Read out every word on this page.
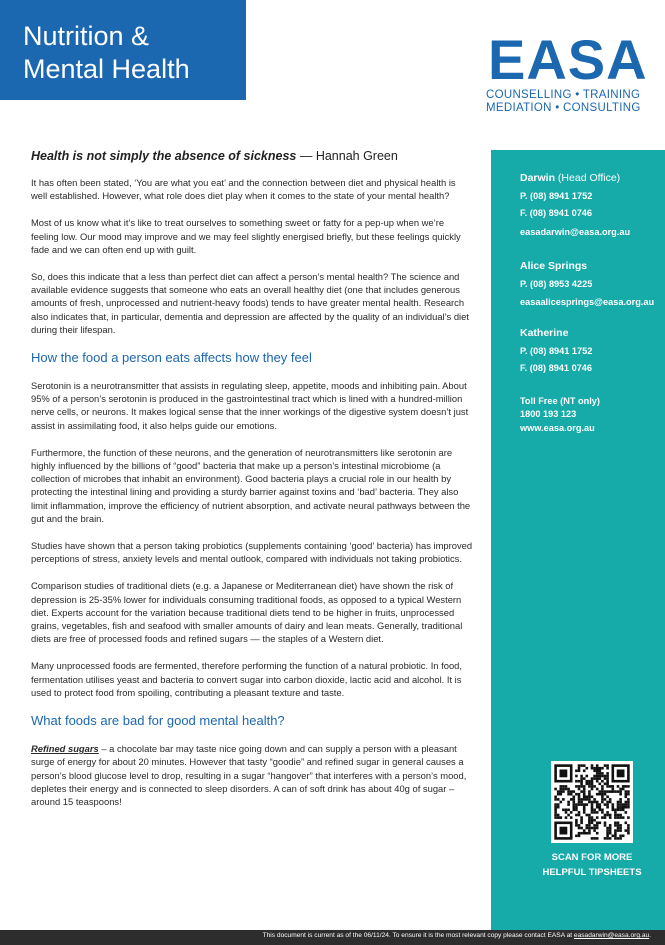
Nutrition &
Mental Health	EASA
COUNSELLING • TRAINING
MEDIATION • CONSULTING
Health is not simply the absence of sickness — Hannah Green

It has often been stated, ‘You are what you eat’ and the connection between diet and physical health is well established. However, what role does diet play when it comes to the state of your mental health?

Most of us know what it’s like to treat ourselves to something sweet or fatty for a pep-up when we’re feeling low. Our mood may improve and we may feel slightly energised briefly, but these feelings quickly fade and we can often end up with guilt.

So, does this indicate that a less than perfect diet can affect a person’s mental health? The science and available evidence suggests that someone who eats an overall healthy diet (one that includes generous amounts of fresh, unprocessed and nutrient-heavy foods) tends to have greater mental health. Research also indicates that, in particular, dementia and depression are affected by the quality of an individual’s diet during their lifespan.

How the food a person eats affects how they feel

Serotonin is a neurotransmitter that assists in regulating sleep, appetite, moods and inhibiting pain. About 95% of a person’s serotonin is produced in the gastrointestinal tract which is lined with a hundred-million nerve cells, or neurons. It makes logical sense that the inner workings of the digestive system doesn’t just assist in assimilating food, it also helps guide our emotions.

Furthermore, the function of these neurons, and the generation of neurotransmitters like serotonin are highly influenced by the billions of “good” bacteria that make up a person’s intestinal microbiome (a collection of microbes that inhabit an environment). Good bacteria plays a crucial role in our health by protecting the intestinal lining and providing a sturdy barrier against toxins and ‘bad’ bacteria. They also limit inflammation, improve the efficiency of nutrient absorption, and activate neural pathways between the gut and the brain.

Studies have shown that a person taking probiotics (supplements containing ‘good’ bacteria) has improved perceptions of stress, anxiety levels and mental outlook, compared with individuals not taking probiotics.

Comparison studies of traditional diets (e.g. a Japanese or Mediterranean diet) have shown the risk of depression is 25-35% lower for individuals consuming traditional foods, as opposed to a typical Western diet. Experts account for the variation because traditional diets tend to be higher in fruits, unprocessed grains, vegetables, fish and seafood with smaller amounts of dairy and lean meats. Generally, traditional diets are free of processed foods and refined sugars — the staples of a Western diet.

Many unprocessed foods are fermented, therefore performing the function of a natural probiotic. In food, fermentation utilises yeast and bacteria to convert sugar into carbon dioxide, lactic acid and alcohol. It is used to protect food from spoiling, contributing a pleasant texture and taste.

What foods are bad for good mental health?

Refined sugars – a chocolate bar may taste nice going down and can supply a person with a pleasant surge of energy for about 20 minutes. However that tasty “goodie” and refined sugar in general causes a person’s blood glucose level to drop, resulting in a sugar “hangover” that interferes with a person’s mood, depletes their energy and is connected to sleep disorders. A can of soft drink has about 40g of sugar – around 15 teaspoons!

Darwin (Head Office)
P. (08) 8941 1752
F. (08) 8941 0746
easadarwin@easa.org.au
Alice Springs
P. (08) 8953 4225
easaalicesprings@easa.org.au
Katherine
P. (08) 8941 1752
F. (08) 8941 0746
Toll Free (NT only)
1800 193 123
www.easa.org.au
SCAN FOR MORE
HELPFUL TIPSHEETS
This document is current as of the 06/11/24. To ensure it is the most relevant copy please contact EASA at easadarwin@easa.org.au.
